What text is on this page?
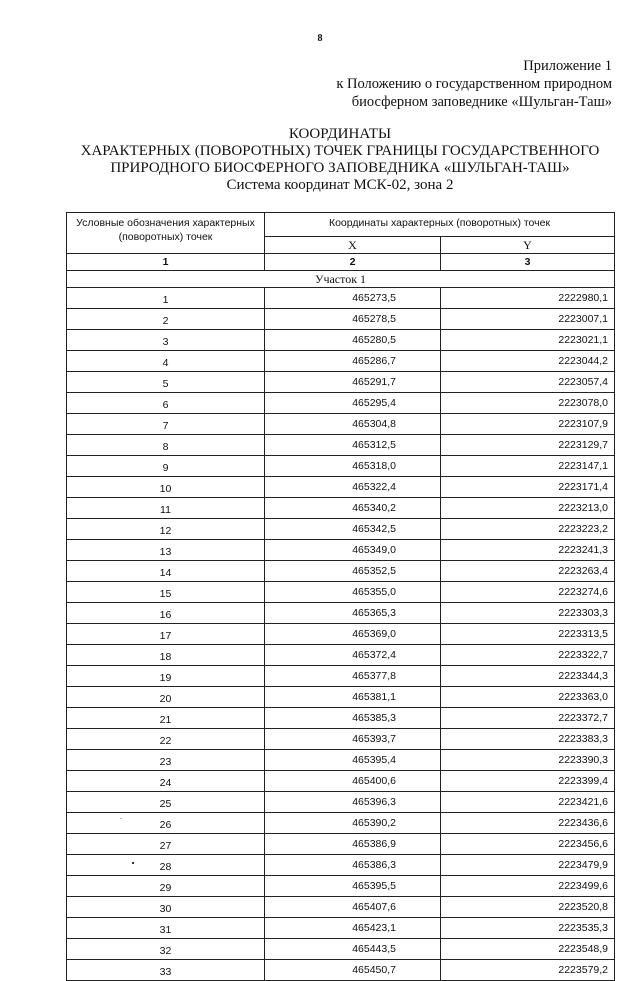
8
Приложение 1
к Положению о государственном природном
биосферном заповеднике «Шульган-Таш»
КООРДИНАТЫ
ХАРАКТЕРНЫХ (ПОВОРОТНЫХ) ТОЧЕК ГРАНИЦЫ ГОСУДАРСТВЕННОГО
ПРИРОДНОГО БИОСФЕРНОГО ЗАПОВЕДНИКА «ШУЛЬГАН-ТАШ»
Система координат МСК-02, зона 2
Условные обозначения характерных (поворотных) точек	Координаты характерных (поворотных) точек	
	X	Y
1	2	3
Участок 1		
1	465273,5	2222980,1
2	465278,5	2223007,1
3	465280,5	2223021,1
4	465286,7	2223044,2
5	465291,7	2223057,4
6	465295,4	2223078,0
7	465304,8	2223107,9
8	465312,5	2223129,7
9	465318,0	2223147,1
10	465322,4	2223171,4
11	465340,2	2223213,0
12	465342,5	2223223,2
13	465349,0	2223241,3
14	465352,5	2223263,4
15	465355,0	2223274,6
16	465365,3	2223303,3
17	465369,0	2223313,5
18	465372,4	2223322,7
19	465377,8	2223344,3
20	465381,1	2223363,0
21	465385,3	2223372,7
22	465393,7	2223383,3
23	465395,4	2223390,3
24	465400,6	2223399,4
25	465396,3	2223421,6
26	465390,2	2223436,6
27	465386,9	2223456,6
28	465386,3	2223479,9
29	465395,5	2223499,6
30	465407,6	2223520,8
31	465423,1	2223535,3
32	465443,5	2223548,9
33	465450,7	2223579,2
